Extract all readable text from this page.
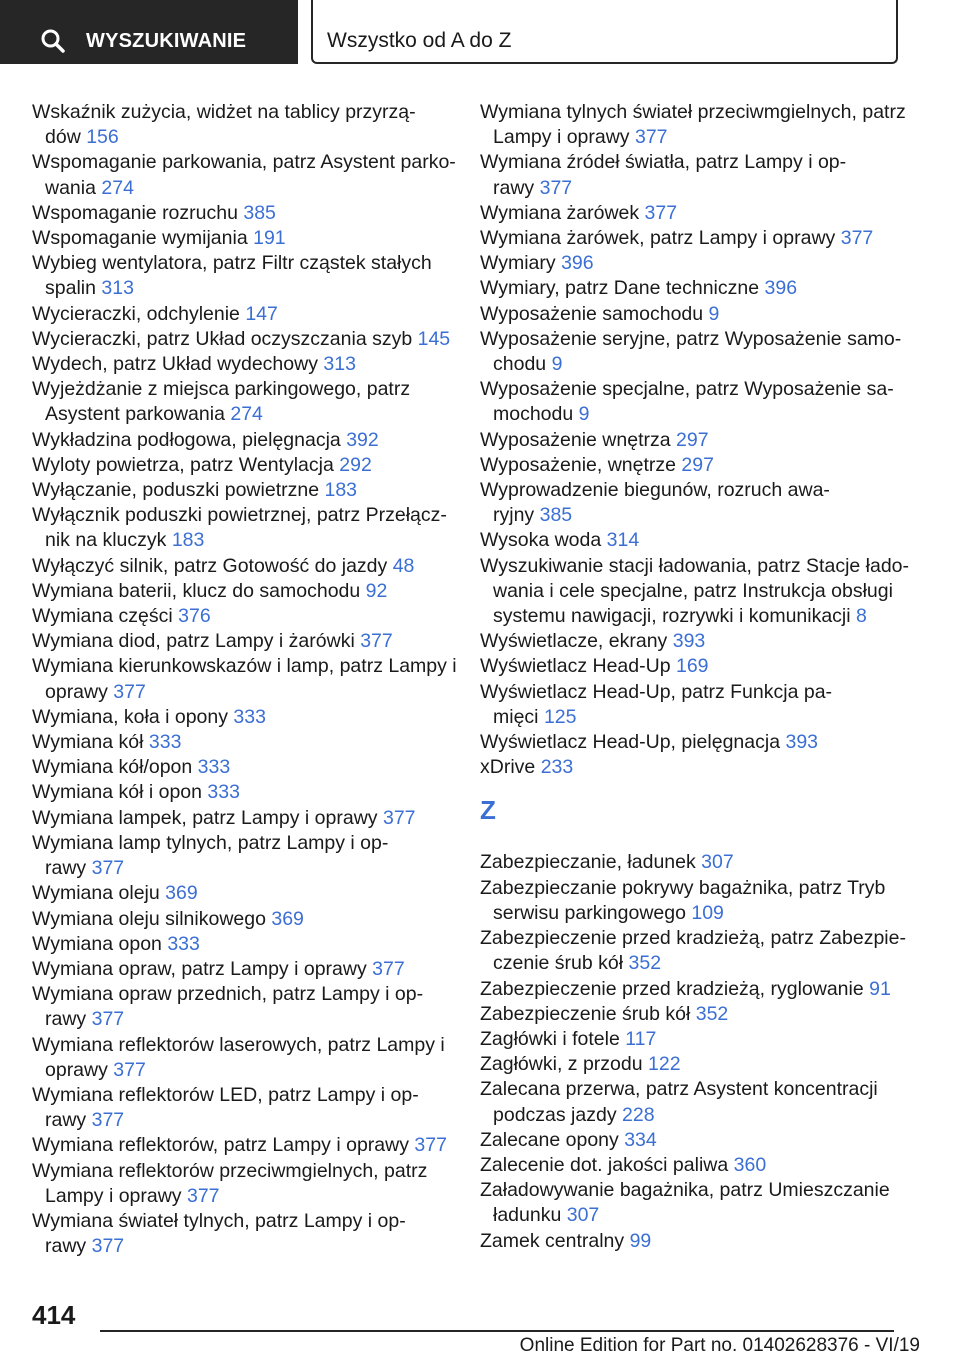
WYSZUKIWANIE	Wszystko od A do Z
Wskaźnik zużycia, widżet na tablicy przyrzą‐
dów 156
Wspomaganie parkowania, patrz Asystent parko‐
wania 274
Wspomaganie rozruchu 385
Wspomaganie wymijania 191
Wybieg wentylatora, patrz Filtr cząstek stałych
spalin 313
Wycieraczki, odchylenie 147
Wycieraczki, patrz Układ oczyszczania szyb 145
Wydech, patrz Układ wydechowy 313
Wyjeżdżanie z miejsca parkingowego, patrz
Asystent parkowania 274
Wykładzina podłogowa, pielęgnacja 392
Wyloty powietrza, patrz Wentylacja 292
Wyłączanie, poduszki powietrzne 183
Wyłącznik poduszki powietrznej, patrz Przełącz‐
nik na kluczyk 183
Wyłączyć silnik, patrz Gotowość do jazdy 48
Wymiana baterii, klucz do samochodu 92
Wymiana części 376
Wymiana diod, patrz Lampy i żarówki 377
Wymiana kierunkowskazów i lamp, patrz Lampy i
oprawy 377
Wymiana, koła i opony 333
Wymiana kół 333
Wymiana kół/opon 333
Wymiana kół i opon 333
Wymiana lampek, patrz Lampy i oprawy 377
Wymiana lamp tylnych, patrz Lampy i op‐
rawy 377
Wymiana oleju 369
Wymiana oleju silnikowego 369
Wymiana opon 333
Wymiana opraw, patrz Lampy i oprawy 377
Wymiana opraw przednich, patrz Lampy i op‐
rawy 377
Wymiana reflektorów laserowych, patrz Lampy i
oprawy 377
Wymiana reflektorów LED, patrz Lampy i op‐
rawy 377
Wymiana reflektorów, patrz Lampy i oprawy 377
Wymiana reflektorów przeciwmgielnych, patrz
Lampy i oprawy 377
Wymiana świateł tylnych, patrz Lampy i op‐
rawy 377
Wymiana tylnych świateł przeciwmgielnych, patrz
Lampy i oprawy 377
Wymiana źródeł światła, patrz Lampy i op‐
rawy 377
Wymiana żarówek 377
Wymiana żarówek, patrz Lampy i oprawy 377
Wymiary 396
Wymiary, patrz Dane techniczne 396
Wyposażenie samochodu 9
Wyposażenie seryjne, patrz Wyposażenie samo‐
chodu 9
Wyposażenie specjalne, patrz Wyposażenie sa‐
mochodu 9
Wyposażenie wnętrza 297
Wyposażenie, wnętrze 297
Wyprowadzenie biegunów, rozruch awa‐
ryjny 385
Wysoka woda 314
Wyszukiwanie stacji ładowania, patrz Stacje łado‐
wania i cele specjalne, patrz Instrukcja obsługi
systemu nawigacji, rozrywki i komunikacji 8
Wyświetlacze, ekrany 393
Wyświetlacz Head-Up 169
Wyświetlacz Head-Up, patrz Funkcja pa‐
mięci 125
Wyświetlacz Head-Up, pielęgnacja 393
xDrive 233
Z
Zabezpieczanie, ładunek 307
Zabezpieczanie pokrywy bagażnika, patrz Tryb
serwisu parkingowego 109
Zabezpieczenie przed kradzieżą, patrz Zabezpie‐
czenie śrub kół 352
Zabezpieczenie przed kradzieżą, ryglowanie 91
Zabezpieczenie śrub kół 352
Zagłówki i fotele 117
Zagłówki, z przodu 122
Zalecana przerwa, patrz Asystent koncentracji
podczas jazdy 228
Zalecane opony 334
Zalecenie dot. jakości paliwa 360
Załadowywanie bagażnika, patrz Umieszczanie
ładunku 307
Zamek centralny 99
414
Online Edition for Part no. 01402628376 - VI/19
